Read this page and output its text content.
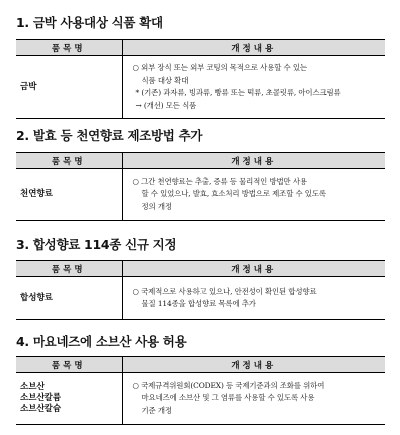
1. 금박 사용대상 식품 확대
품목명	개정내용

금박	○ 외부 장식 또는 외부 코팅의 목적으로 사용할 수 있는
식품 대상 확대
* (기존) 과자류, 빙과류, 빵류 또는 떡류, 초콜릿류, 아이스크림류
→ (개선) 모든 식품
2. 발효 등 천연향료 제조방법 추가
품목명	개정내용

천연향료	○ 그간 천연향료는 추출, 증류 등 물리적인 방법만 사용
할 수 있었으나, 발효, 효소처리 방법으로 제조할 수 있도록
정의 개정
3. 합성향료 114종 신규 지정
품목명	개정내용

합성향료	○ 국제적으로 사용하고 있으나, 안전성이 확인된 합성향료
물질 114종을 합성향료 목록에 추가
4. 마요네즈에 소브산 사용 허용
품목명	개정내용

소브산
소브산칼륨
소브산칼슘	○ 국제규격위원회(CODEX) 등 국제기준과의 조화를 위하여
마요네즈에 소브산 및 그 염류를 사용할 수 있도록 사용
기준 개정
